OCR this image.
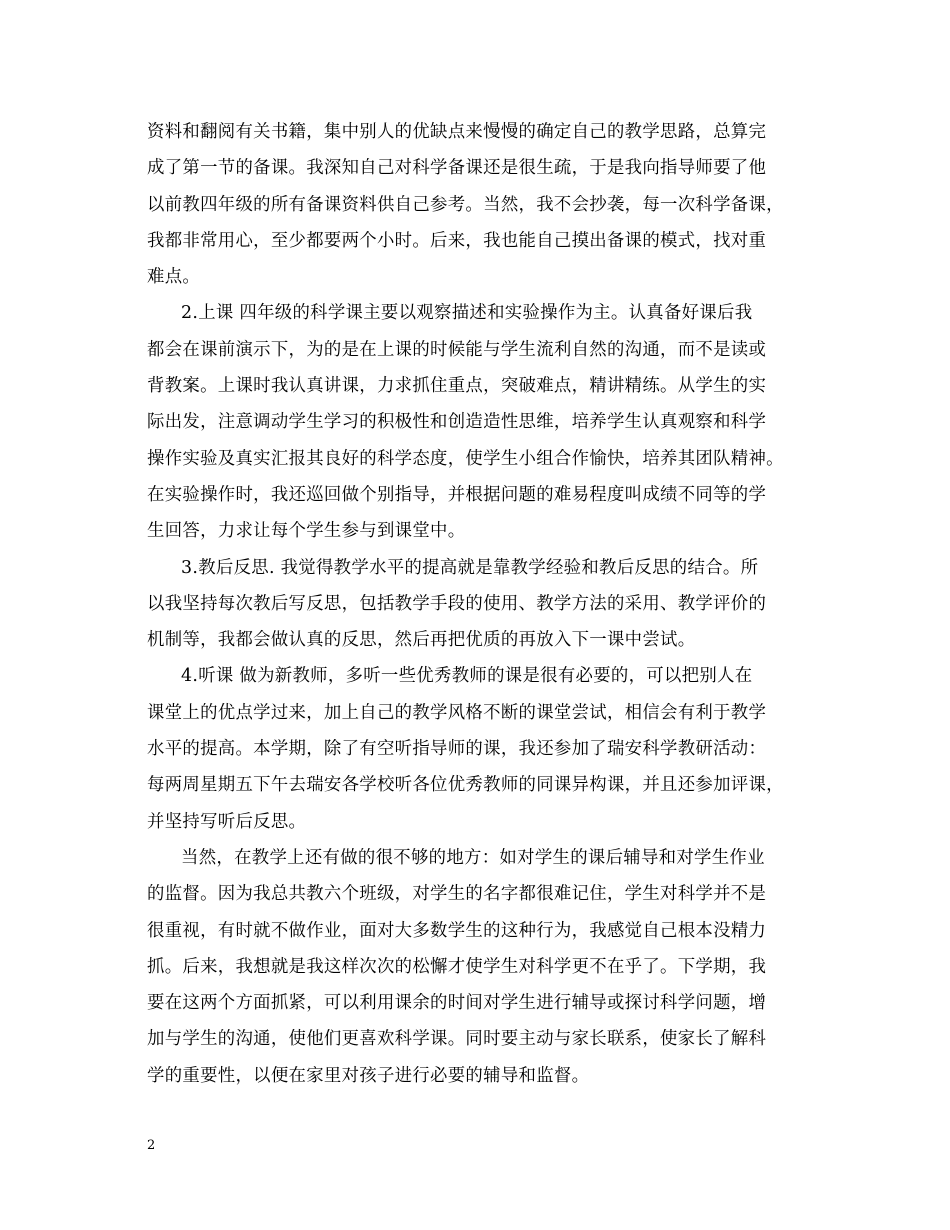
资料和翻阅有关书籍，集中别人的优缺点来慢慢的确定自己的教学思路，总算完
成了第一节的备课。我深知自己对科学备课还是很生疏，于是我向指导师要了他
以前教四年级的所有备课资料供自己参考。当然，我不会抄袭，每一次科学备课，
我都非常用心，至少都要两个小时。后来，我也能自己摸出备课的模式，找对重
难点。
2.上课 四年级的科学课主要以观察描述和实验操作为主。认真备好课后我
都会在课前演示下，为的是在上课的时候能与学生流利自然的沟通，而不是读或
背教案。上课时我认真讲课，力求抓住重点，突破难点，精讲精练。从学生的实
际出发，注意调动学生学习的积极性和创造造性思维，培养学生认真观察和科学
操作实验及真实汇报其良好的科学态度，使学生小组合作愉快，培养其团队精神。
在实验操作时，我还巡回做个别指导，并根据问题的难易程度叫成绩不同等的学
生回答，力求让每个学生参与到课堂中。
3.教后反思. 我觉得教学水平的提高就是靠教学经验和教后反思的结合。所
以我坚持每次教后写反思，包括教学手段的使用、教学方法的采用、教学评价的
机制等，我都会做认真的反思，然后再把优质的再放入下一课中尝试。
4.听课 做为新教师，多听一些优秀教师的课是很有必要的，可以把别人在
课堂上的优点学过来，加上自己的教学风格不断的课堂尝试，相信会有利于教学
水平的提高。本学期，除了有空听指导师的课，我还参加了瑞安科学教研活动：
每两周星期五下午去瑞安各学校听各位优秀教师的同课异构课，并且还参加评课，
并坚持写听后反思。
当然，在教学上还有做的很不够的地方：如对学生的课后辅导和对学生作业
的监督。因为我总共教六个班级，对学生的名字都很难记住，学生对科学并不是
很重视，有时就不做作业，面对大多数学生的这种行为，我感觉自己根本没精力
抓。后来，我想就是我这样次次的松懈才使学生对科学更不在乎了。下学期，我
要在这两个方面抓紧，可以利用课余的时间对学生进行辅导或探讨科学问题，增
加与学生的沟通，使他们更喜欢科学课。同时要主动与家长联系，使家长了解科
学的重要性，以便在家里对孩子进行必要的辅导和监督。
2
